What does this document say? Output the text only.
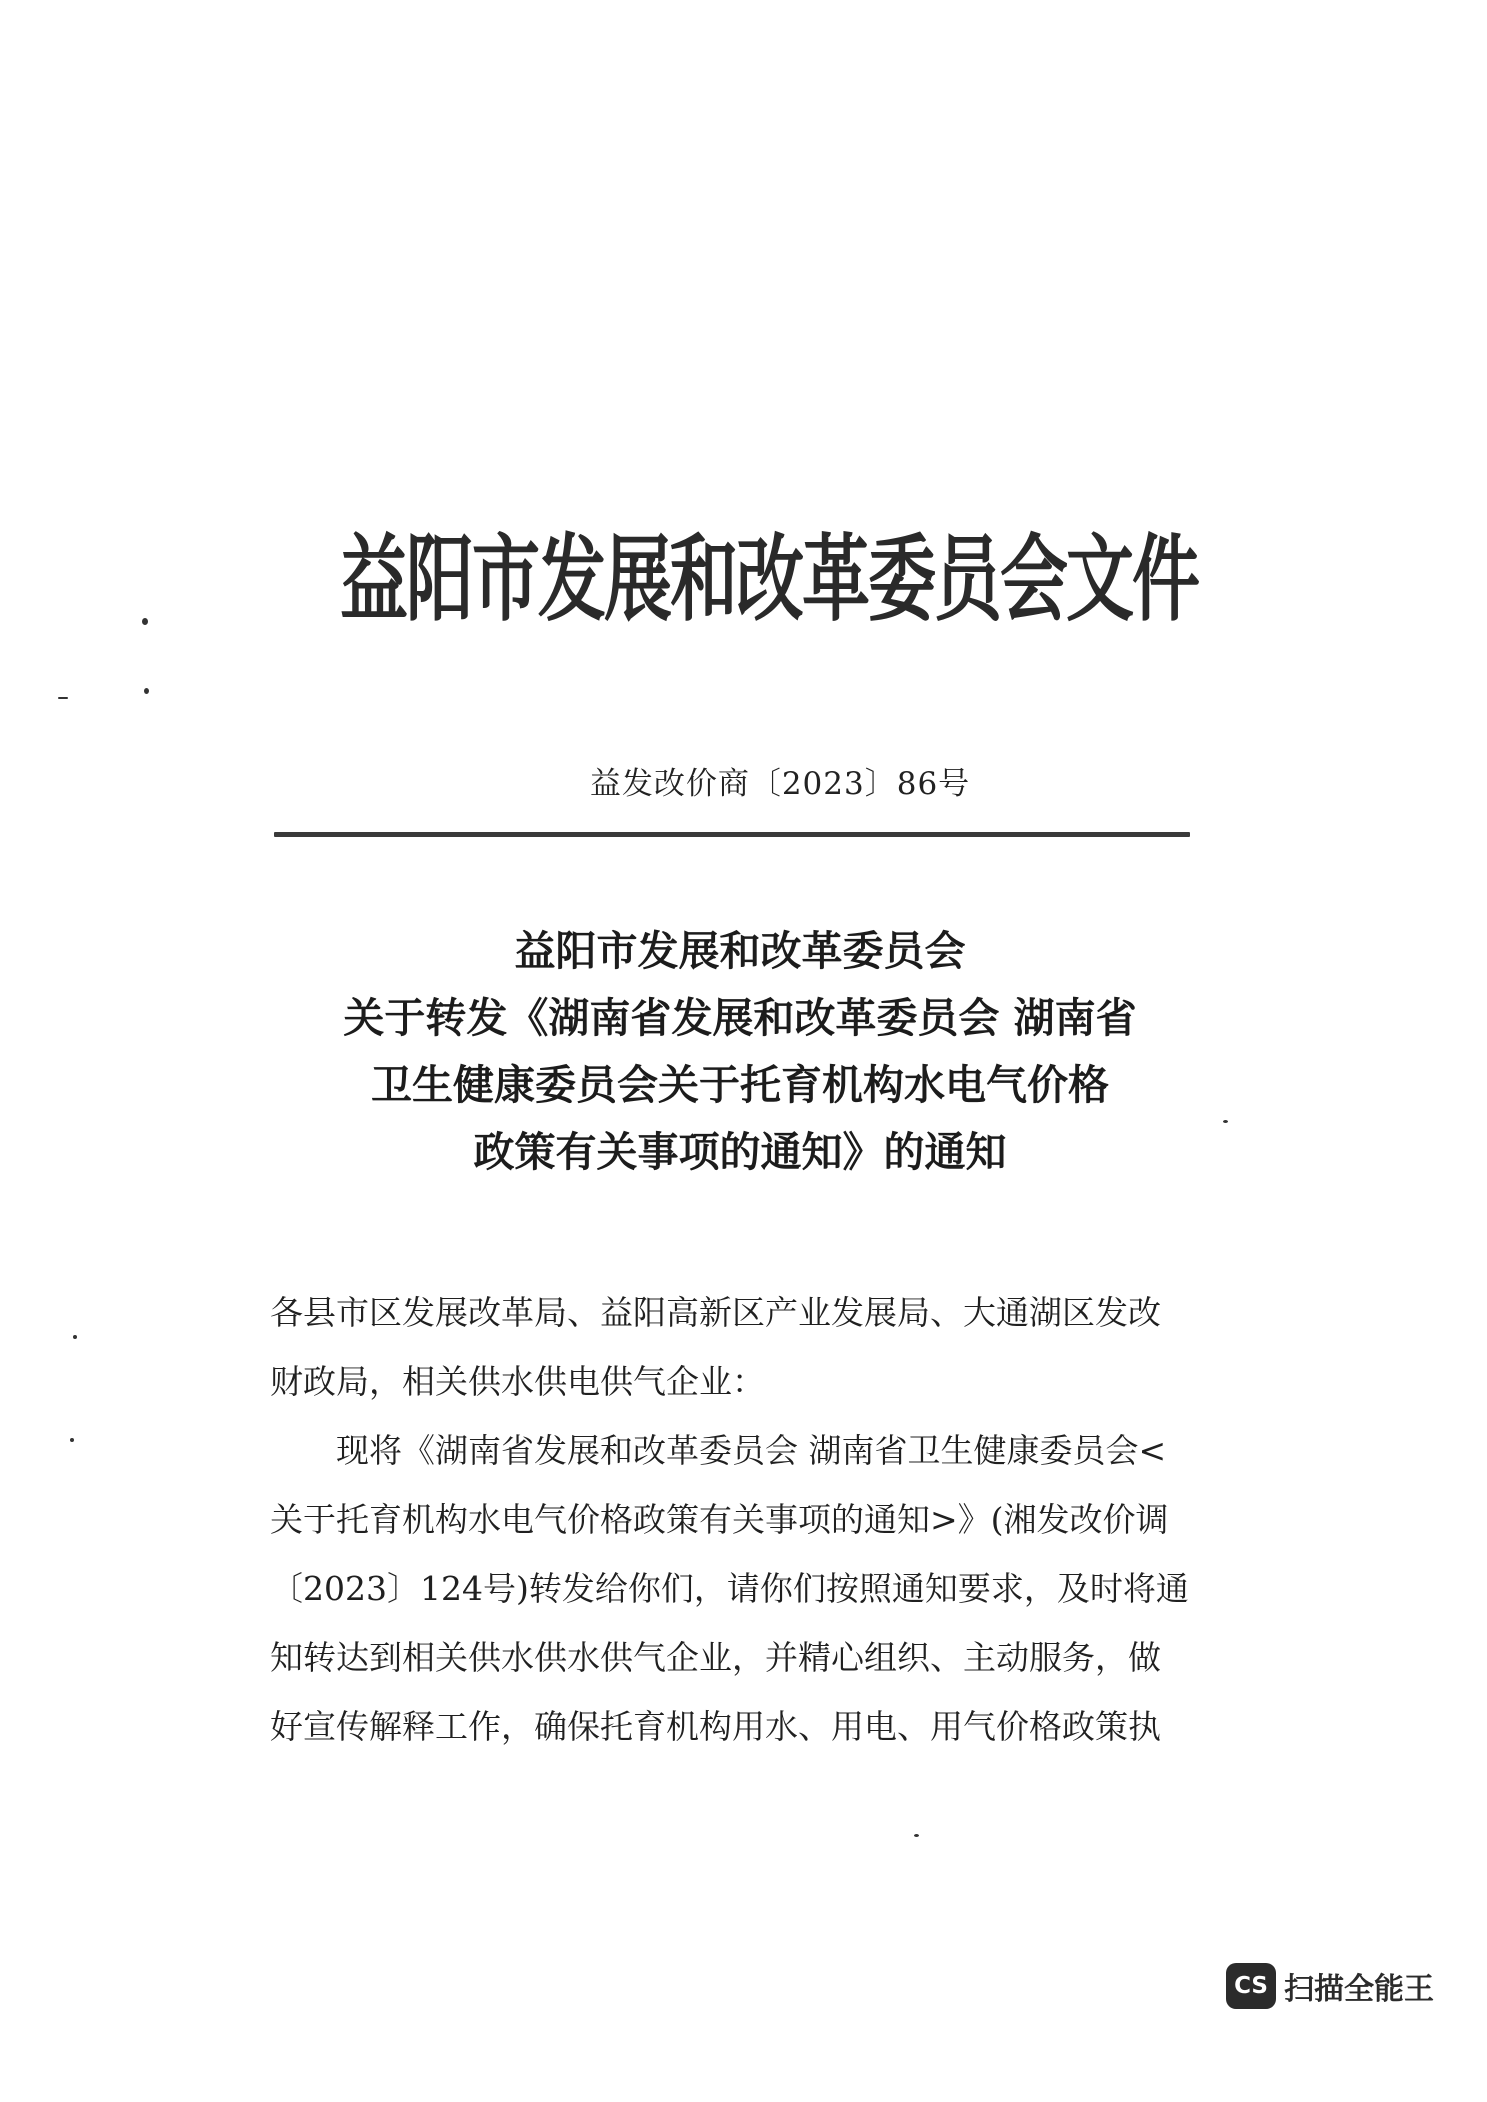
益阳市发展和改革委员会文件
益发改价商〔2023〕86号
益阳市发展和改革委员会
关于转发《湖南省发展和改革委员会 湖南省
卫生健康委员会关于托育机构水电气价格
政策有关事项的通知》的通知

各县市区发展改革局、益阳高新区产业发展局、大通湖区发改

财政局，相关供水供电供气企业：

现将《湖南省发展和改革委员会 湖南省卫生健康委员会<

关于托育机构水电气价格政策有关事项的通知>》(湘发改价调

〔2023〕124号)转发给你们，请你们按照通知要求，及时将通

知转达到相关供水供水供气企业，并精心组织、主动服务，做

好宣传解释工作，确保托育机构用水、用电、用气价格政策执

CS 扫描全能王
